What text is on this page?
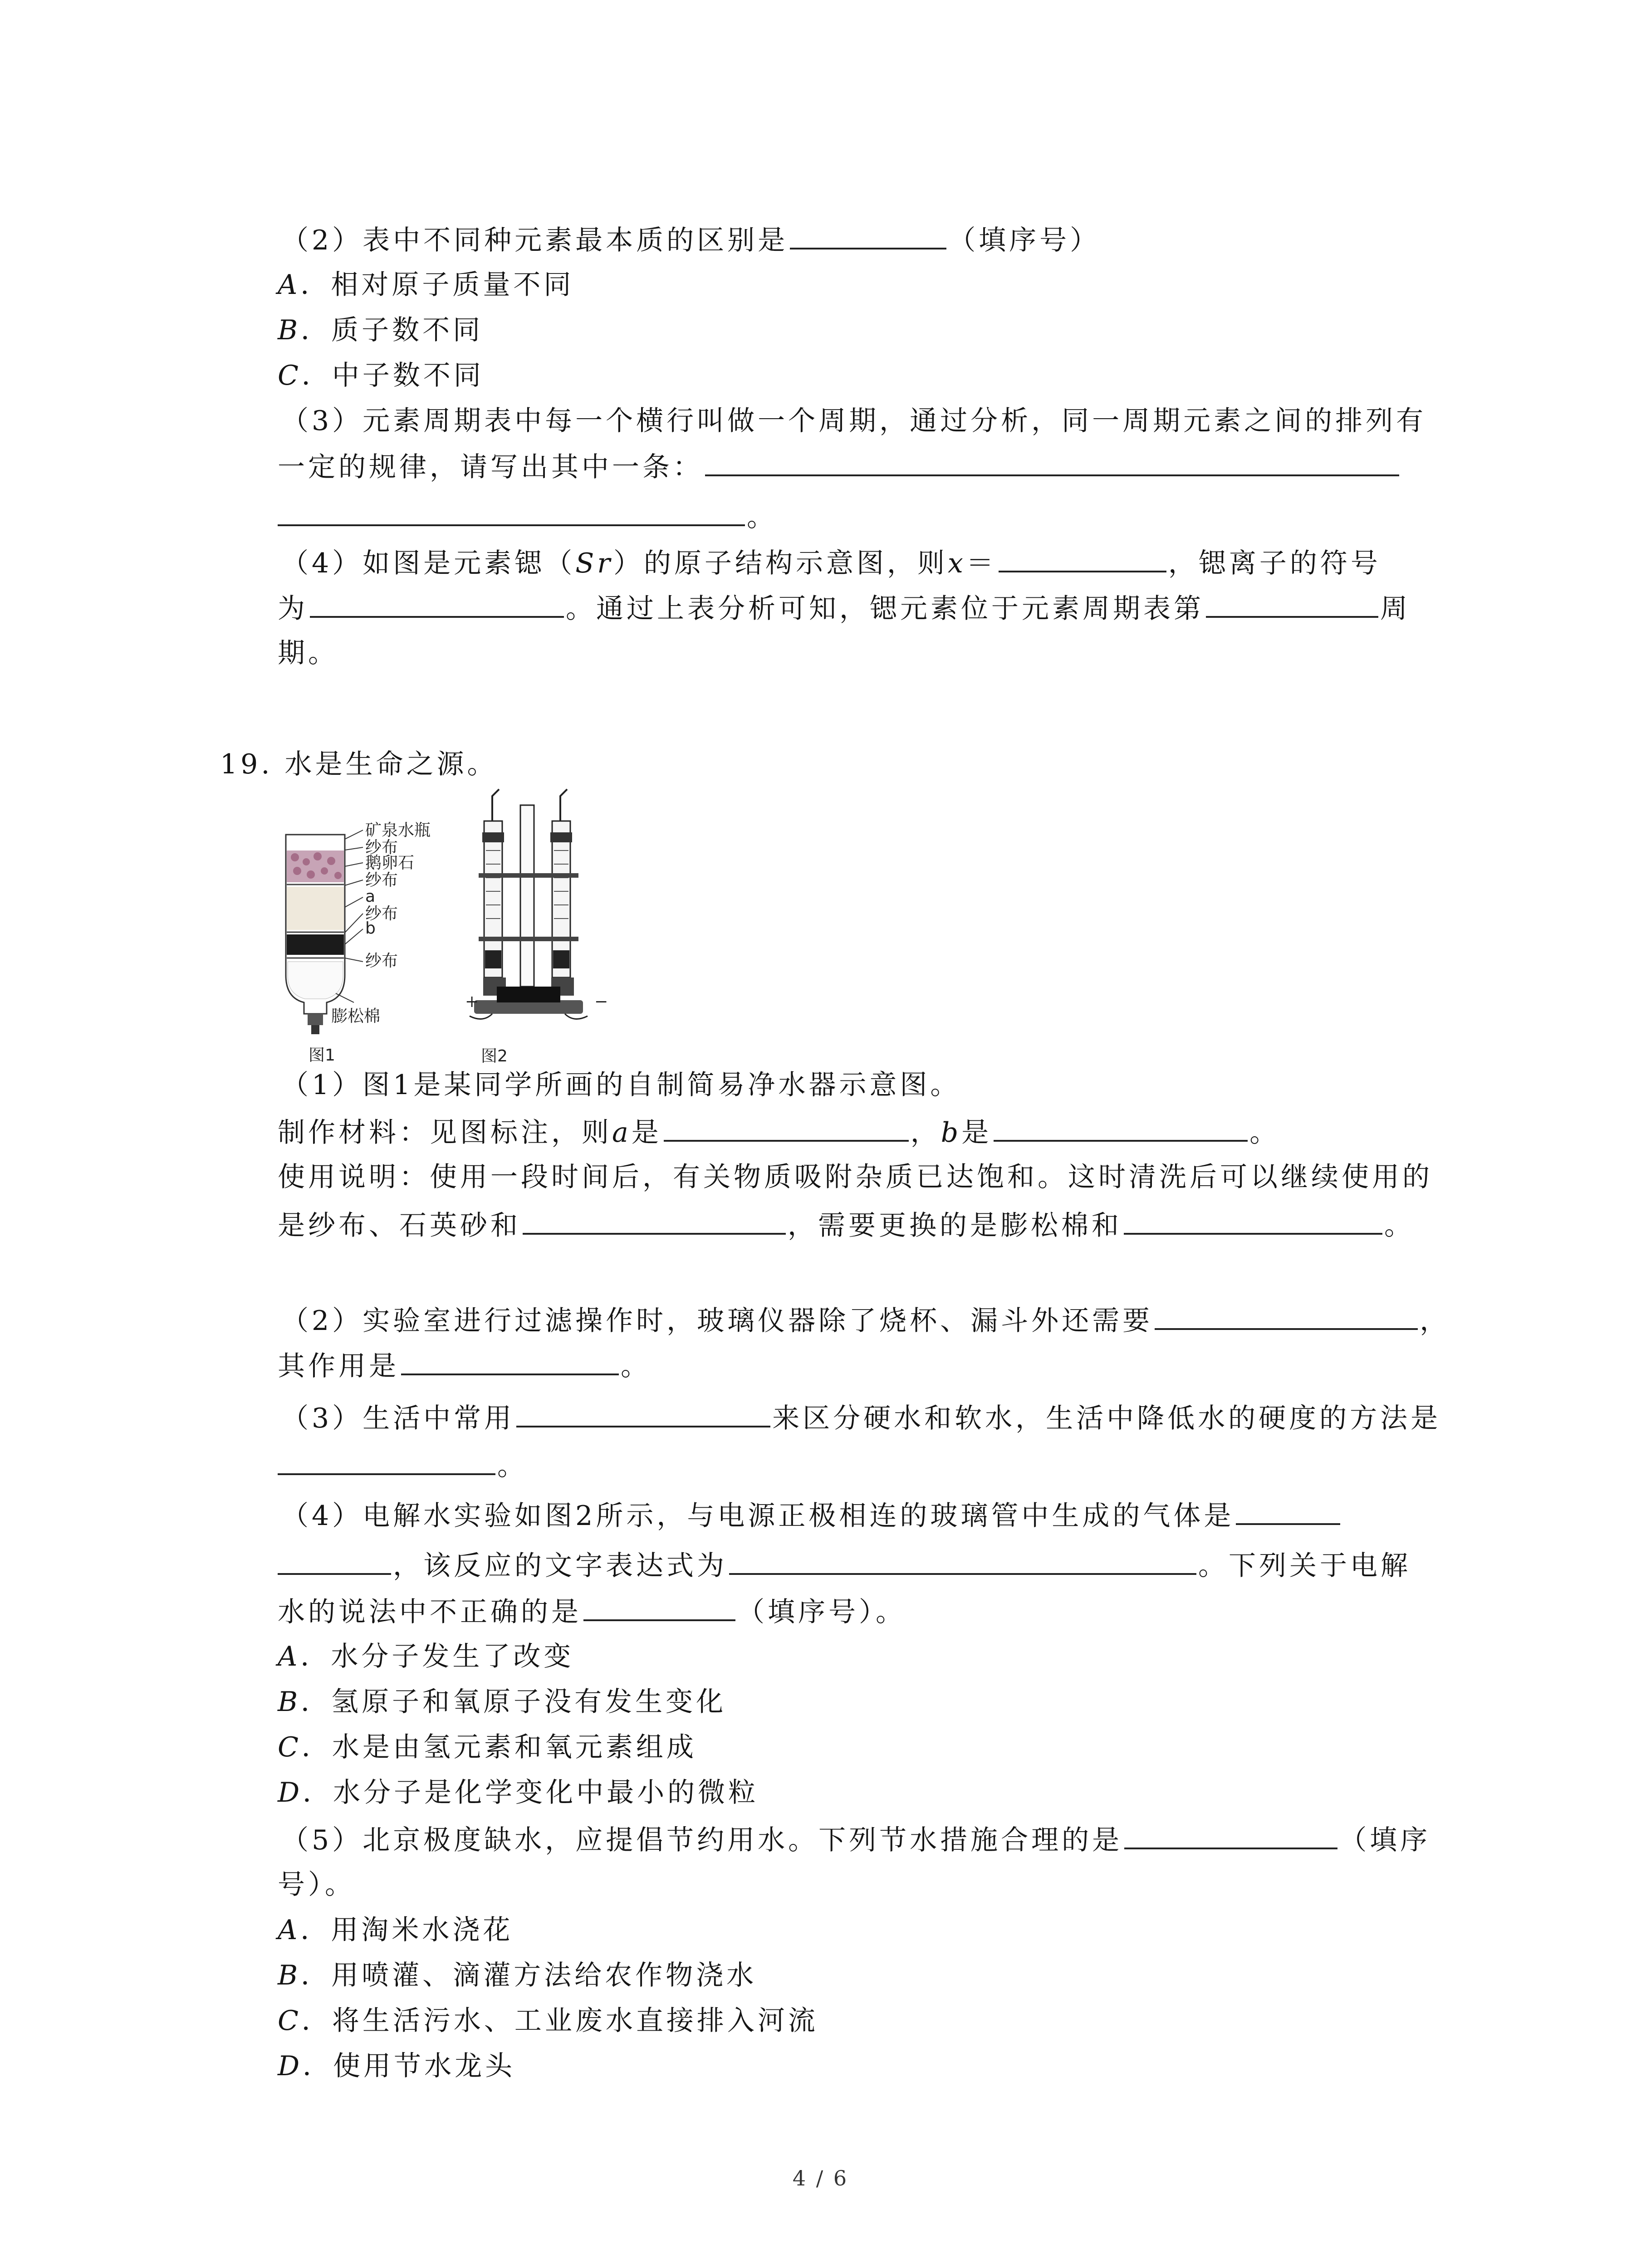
（2）表中不同种元素最本质的区别是	（填序号）
A．相对原子质量不同
B．质子数不同
C．中子数不同
（3）元素周期表中每一个横行叫做一个周期，通过分析，同一周期元素之间的排列有
一定的规律，请写出其中一条：
。
（4）如图是元素锶（Sr）的原子结构示意图，则x＝	，锶离子的符号
为	。通过上表分析可知，锶元素位于元素周期表第	周
期。
19. 水是生命之源。
矿泉水瓶
纱布
鹅卵石
纱布
a
纱布
b
纱布
膨松棉
图1
+	−
图2
（1）图1是某同学所画的自制简易净水器示意图。
制作材料：见图标注，则a是	，b是	。
使用说明：使用一段时间后，有关物质吸附杂质已达饱和。这时清洗后可以继续使用的
是纱布、石英砂和	，需要更换的是膨松棉和	。
（2）实验室进行过滤操作时，玻璃仪器除了烧杯、漏斗外还需要	，
其作用是	。
（3）生活中常用	来区分硬水和软水，生活中降低水的硬度的方法是
。
（4）电解水实验如图2所示，与电源正极相连的玻璃管中生成的气体是
，该反应的文字表达式为	。下列关于电解
水的说法中不正确的是	（填序号）。
A．水分子发生了改变
B．氢原子和氧原子没有发生变化
C．水是由氢元素和氧元素组成
D．水分子是化学变化中最小的微粒
（5）北京极度缺水，应提倡节约用水。下列节水措施合理的是	（填序
号）。
A．用淘米水浇花
B．用喷灌、滴灌方法给农作物浇水
C．将生活污水、工业废水直接排入河流
D．使用节水龙头
4 / 6
